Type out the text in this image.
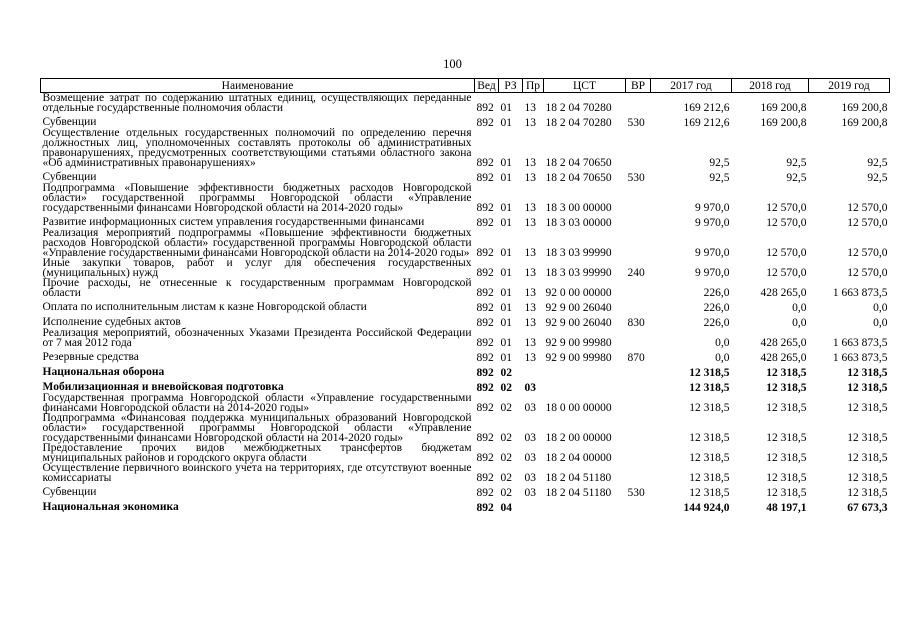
100
Наименование	Вед	РЗ	Пр	ЦСТ	ВР	2017 год	2018 год	2019 год
Возмещение затрат по содержанию штатных единиц, осуществляющих переданные отдельные государственные полномочия области	892	01	13	18 2 04 70280		169 212,6	169 200,8	169 200,8
Субвенции	892	01	13	18 2 04 70280	530	169 212,6	169 200,8	169 200,8
Осуществление отдельных государственных полномочий по определению перечня должностных лиц, уполномоченных составлять протоколы об административных правонарушениях, предусмотренных соответствующими статьями областного закона «Об административных правонарушениях»	892	01	13	18 2 04 70650		92,5	92,5	92,5
Субвенции	892	01	13	18 2 04 70650	530	92,5	92,5	92,5
Подпрограмма «Повышение эффективности бюджетных расходов Новгородской области» государственной программы Новгородской области «Управление государственными финансами Новгородской области на 2014-2020 годы»	892	01	13	18 3 00 00000		9 970,0	12 570,0	12 570,0
Развитие информационных систем управления государственными финансами	892	01	13	18 3 03 00000		9 970,0	12 570,0	12 570,0
Реализация мероприятий подпрограммы «Повышение эффективности бюджетных расходов Новгородской области» государственной программы Новгородской области «Управление государственными финансами Новгородской области на 2014-2020 годы»	892	01	13	18 3 03 99990		9 970,0	12 570,0	12 570,0
Иные закупки товаров, работ и услуг для обеспечения государственных (муниципальных) нужд	892	01	13	18 3 03 99990	240	9 970,0	12 570,0	12 570,0
Прочие расходы, не отнесенные к государственным программам Новгородской области	892	01	13	92 0 00 00000		226,0	428 265,0	1 663 873,5
Оплата по исполнительным листам к казне Новгородской области	892	01	13	92 9 00 26040		226,0	0,0	0,0
Исполнение судебных актов	892	01	13	92 9 00 26040	830	226,0	0,0	0,0
Реализация мероприятий, обозначенных Указами Президента Российской Федерации от 7 мая 2012 года	892	01	13	92 9 00 99980		0,0	428 265,0	1 663 873,5
Резервные средства	892	01	13	92 9 00 99980	870	0,0	428 265,0	1 663 873,5
Национальная оборона	892	02				12 318,5	12 318,5	12 318,5
Мобилизационная и вневойсковая подготовка	892	02	03			12 318,5	12 318,5	12 318,5
Государственная программа Новгородской области «Управление государственными финансами Новгородской области на 2014-2020 годы»	892	02	03	18 0 00 00000		12 318,5	12 318,5	12 318,5
Подпрограмма «Финансовая поддержка муниципальных образований Новгородской области» государственной программы Новгородской области «Управление государственными финансами Новгородской области на 2014-2020 годы»	892	02	03	18 2 00 00000		12 318,5	12 318,5	12 318,5
Предоставление прочих видов межбюджетных трансфертов бюджетам муниципальных районов и городского округа области	892	02	03	18 2 04 00000		12 318,5	12 318,5	12 318,5
Осуществление первичного воинского учета на территориях, где отсутствуют военные комиссариаты	892	02	03	18 2 04 51180		12 318,5	12 318,5	12 318,5
Субвенции	892	02	03	18 2 04 51180	530	12 318,5	12 318,5	12 318,5
Национальная экономика	892	04				144 924,0	48 197,1	67 673,3
